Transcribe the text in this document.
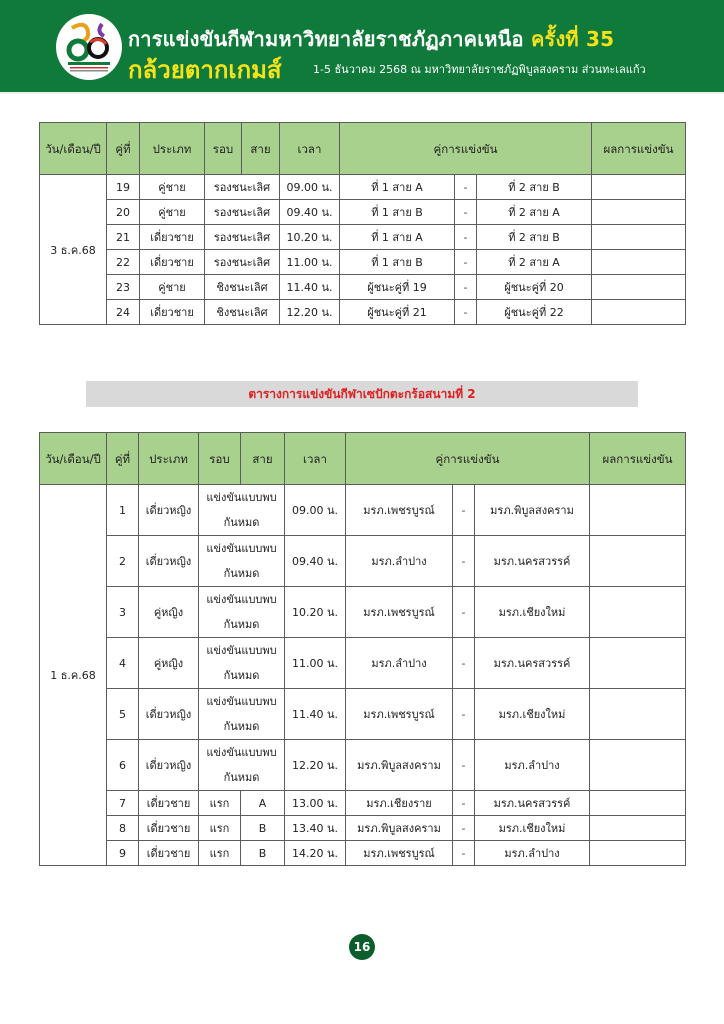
การแข่งขันกีฬามหาวิทยาลัยราชภัฏภาคเหนือ ครั้งที่ 35
กล้วยตากเกมส์	1-5 ธันวาคม 2568 ณ มหาวิทยาลัยราชภัฏพิบูลสงคราม ส่วนทะเลแก้ว
วัน/เดือน/ปี	คู่ที่	ประเภท	รอบ	สาย	เวลา	คู่การแข่งขัน			ผลการแข่งขัน
3 ธ.ค.68	19	คู่ชาย	รองชนะเลิศ		09.00 น.	ที่ 1 สาย A	-	ที่ 2 สาย B	
	20	คู่ชาย	รองชนะเลิศ		09.40 น.	ที่ 1 สาย B	-	ที่ 2 สาย A	
	21	เดี่ยวชาย	รองชนะเลิศ		10.20 น.	ที่ 1 สาย A	-	ที่ 2 สาย B	
	22	เดี่ยวชาย	รองชนะเลิศ		11.00 น.	ที่ 1 สาย B	-	ที่ 2 สาย A	
	23	คู่ชาย	ชิงชนะเลิศ		11.40 น.	ผู้ชนะคู่ที่ 19	-	ผู้ชนะคู่ที่ 20	
	24	เดี่ยวชาย	ชิงชนะเลิศ		12.20 น.	ผู้ชนะคู่ที่ 21	-	ผู้ชนะคู่ที่ 22	
ตารางการแข่งขันกีฬาเซปักตะกร้อสนามที่ 2
วัน/เดือน/ปี	คู่ที่	ประเภท	รอบ	สาย	เวลา	คู่การแข่งขัน			ผลการแข่งขัน
1 ธ.ค.68	1	เดี่ยวหญิง	แข่งขันแบบพบกันหมด		09.00 น.	มรภ.เพชรบูรณ์	-	มรภ.พิบูลสงคราม	
	2	เดี่ยวหญิง	แข่งขันแบบพบกันหมด		09.40 น.	มรภ.ลำปาง	-	มรภ.นครสวรรค์	
	3	คู่หญิง	แข่งขันแบบพบกันหมด		10.20 น.	มรภ.เพชรบูรณ์	-	มรภ.เชียงใหม่	
	4	คู่หญิง	แข่งขันแบบพบกันหมด		11.00 น.	มรภ.ลำปาง	-	มรภ.นครสวรรค์	
	5	เดี่ยวหญิง	แข่งขันแบบพบกันหมด		11.40 น.	มรภ.เพชรบูรณ์	-	มรภ.เชียงใหม่	
	6	เดี่ยวหญิง	แข่งขันแบบพบกันหมด		12.20 น.	มรภ.พิบูลสงคราม	-	มรภ.ลำปาง	
	7	เดี่ยวชาย	แรก	A	13.00 น.	มรภ.เชียงราย	-	มรภ.นครสวรรค์	
	8	เดี่ยวชาย	แรก	B	13.40 น.	มรภ.พิบูลสงคราม	-	มรภ.เชียงใหม่	
	9	เดี่ยวชาย	แรก	B	14.20 น.	มรภ.เพชรบูรณ์	-	มรภ.ลำปาง	
16
